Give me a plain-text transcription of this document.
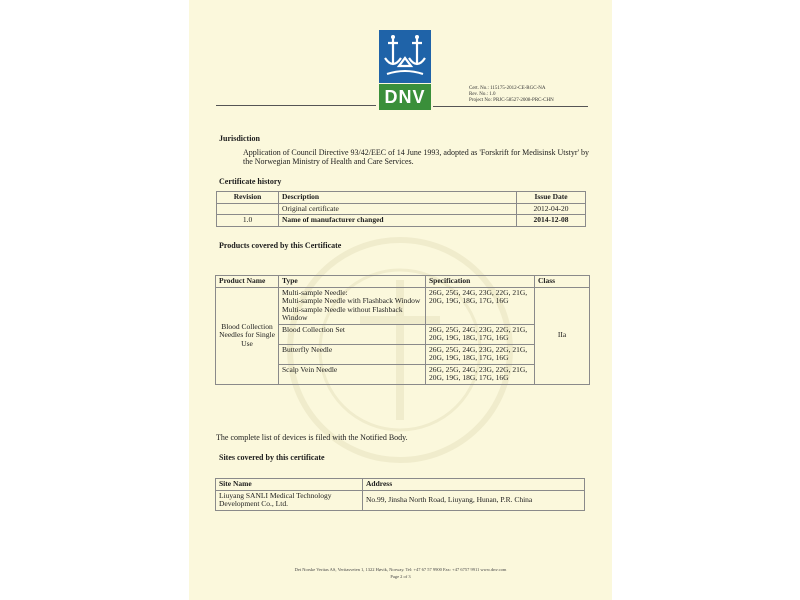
DNV	Cert. No.: 115175-2012-CE-RGC-NA
Rev. No.: 1.0
Project No: PRJC-58527-2008-PRC-CHN
Jurisdiction
Application of Council Directive 93/42/EEC of 14 June 1993, adopted as 'Forskrift for Medisinsk Utstyr' by the Norwegian Ministry of Health and Care Services.
Certificate history
Revision	Description	Issue Date
	Original certificate	2012-04-20
1.0	Name of manufacturer changed	2014-12-08
Products covered by this Certificate
Product Name	Type	Specification	Class
Blood Collection Needles for Single Use	Multi-sample Needle:
Multi-sample Needle with Flashback Window
Multi-sample Needle without Flashback Window	26G, 25G, 24G, 23G, 22G, 21G, 20G, 19G, 18G, 17G, 16G	IIa
	Blood Collection Set	26G, 25G, 24G, 23G, 22G, 21G, 20G, 19G, 18G, 17G, 16G	
	Butterfly Needle	26G, 25G, 24G, 23G, 22G, 21G, 20G, 19G, 18G, 17G, 16G	
	Scalp Vein Needle	26G, 25G, 24G, 23G, 22G, 21G, 20G, 19G, 18G, 17G, 16G	
The complete list of devices is filed with the Notified Body.
Sites covered by this certificate
Site Name	Address
Liuyang SANLI Medical Technology Development Co., Ltd.	No.99, Jinsha North Road, Liuyang, Hunan, P.R. China
Det Norske Veritas AS, Veritasveien 1, 1322 Høvik, Norway. Tel: +47 67 57 9900 Fax: +47 6757 9911 www.dnv.com
Page 2 of 3
